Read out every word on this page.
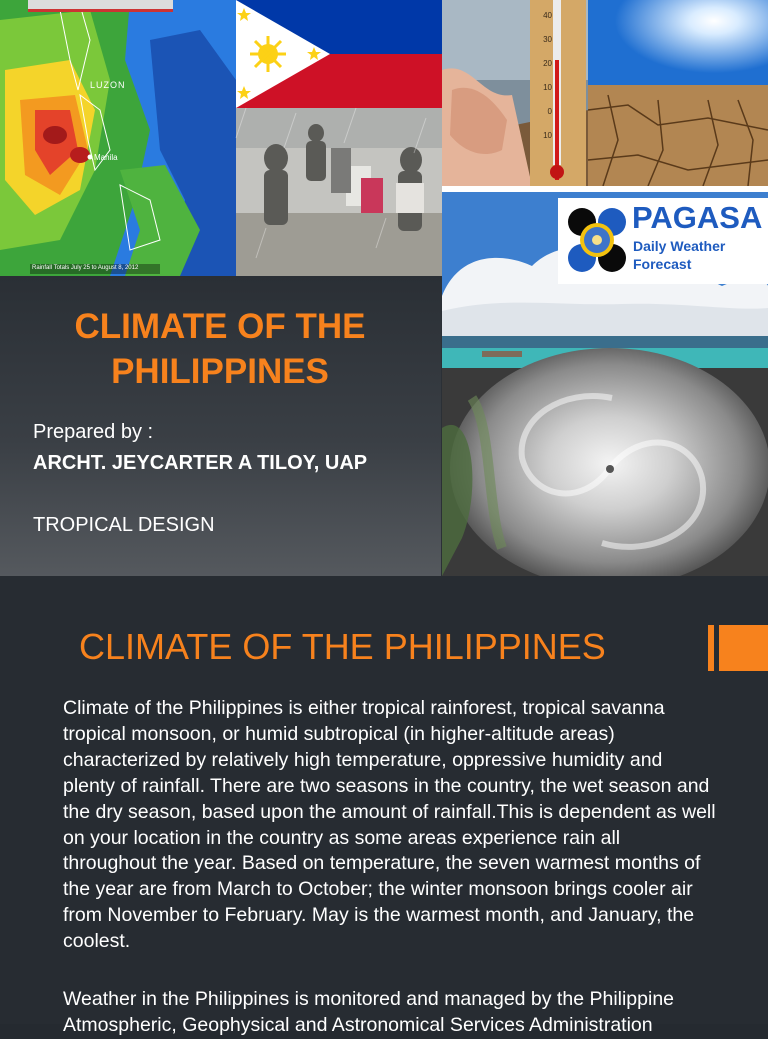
LUZON
Manila
Rainfall Totals July 25 to August 8, 2012
40
30
20
10
0
10
PAGASA
Daily Weather
Forecast
CLIMATE OF THE
PHILIPPINES
Prepared by :
ARCHT. JEYCARTER A TILOY, UAP
TROPICAL DESIGN
CLIMATE OF THE PHILIPPINES

Climate of the Philippines is either tropical rainforest, tropical savanna tropical monsoon, or humid subtropical (in higher-altitude areas) characterized by relatively high temperature, oppressive humidity and plenty of rainfall. There are two seasons in the country, the wet season and the dry season, based upon the amount of rainfall.This is dependent as well on your location in the country as some areas experience rain all throughout the year. Based on temperature, the seven warmest months of the year are from March to October; the winter monsoon brings cooler air from November to February. May is the warmest month, and January, the coolest.

Weather in the Philippines is monitored and managed by the Philippine Atmospheric, Geophysical and Astronomical Services Administration
